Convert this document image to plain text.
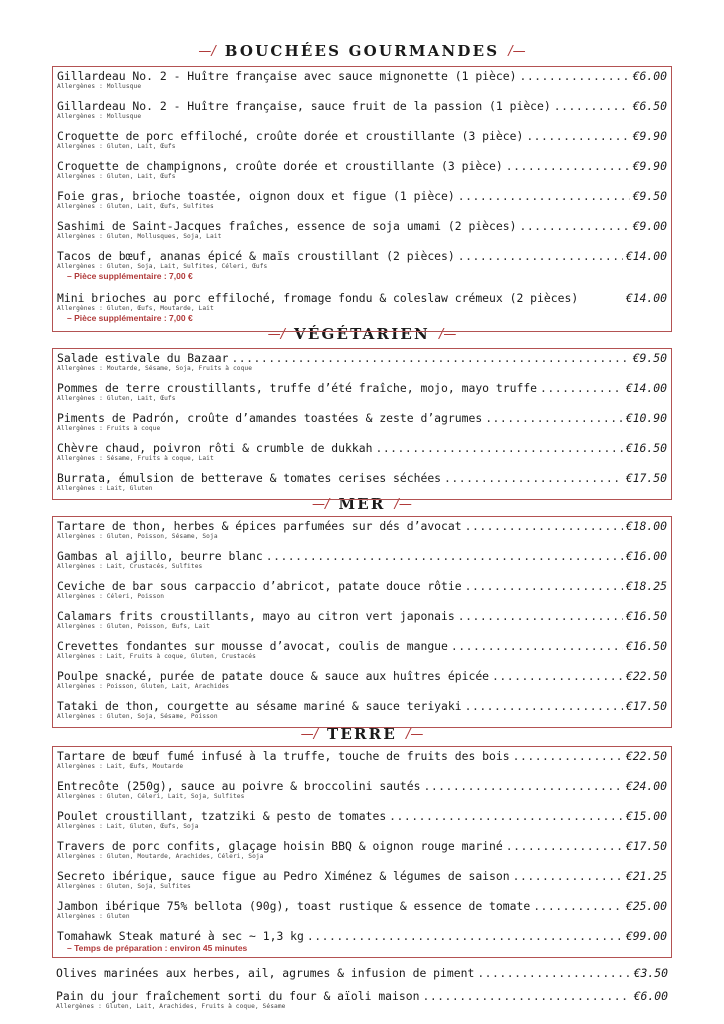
—/ BOUCHÉES GOURMANDES /—
—/ VÉGÉTARIEN /—
—/ MER /—
—/ TERRE /—
Gillardeau No. 2 - Huître française avec sauce mignonette (1 pièce) .....	€6.00
Allergènes : Mollusque
Gillardeau No. 2 - Huître française, sauce fruit de la passion (1 pièce) .....	€6.50
Allergènes : Mollusque
Croquette de porc effiloché, croûte dorée et croustillante (3 pièce) .....	€9.90
Allergènes : Gluten, Lait, Œufs
Croquette de champignons, croûte dorée et croustillante (3 pièce) .....	€9.90
Allergènes : Gluten, Lait, Œufs
Foie gras, brioche toastée, oignon doux et figue (1 pièce) .....	€9.50
Allergènes : Gluten, Lait, Œufs, Sulfites
Sashimi de Saint-Jacques fraîches, essence de soja umami (2 pièces) .....	€9.00
Allergènes : Gluten, Mollusques, Soja, Lait
Tacos de bœuf, ananas épicé & maïs croustillant (2 pièces) .....	€14.00
Allergènes : Gluten, Soja, Lait, Sulfites, Céleri, Œufs
– Pièce supplémentaire : 7,00 €
Mini brioches au porc effiloché, fromage fondu & coleslaw crémeux (2 pièces)	€14.00
Allergènes : Gluten, Œufs, Moutarde, Lait
– Pièce supplémentaire : 7,00 €
Salade estivale du Bazaar .....	€9.50
Allergènes : Moutarde, Sésame, Soja, Fruits à coque
Pommes de terre croustillants, truffe d’été fraîche, mojo, mayo truffe .....	€14.00
Allergènes : Gluten, Lait, Œufs
Piments de Padrón, croûte d’amandes toastées & zeste d’agrumes .....	€10.90
Allergènes : Fruits à coque
Chèvre chaud, poivron rôti & crumble de dukkah .....	€16.50
Allergènes : Sésame, Fruits à coque, Lait
Burrata, émulsion de betterave & tomates cerises séchées .....	€17.50
Allergènes : Lait, Gluten
Tartare de thon, herbes & épices parfumées sur dés d’avocat .....	€18.00
Allergènes : Gluten, Poisson, Sésame, Soja
Gambas al ajillo, beurre blanc .....	€16.00
Allergènes : Lait, Crustacés, Sulfites
Ceviche de bar sous carpaccio d’abricot, patate douce rôtie .....	€18.25
Allergènes : Céleri, Poisson
Calamars frits croustillants, mayo au citron vert japonais .....	€16.50
Allergènes : Gluten, Poisson, Œufs, Lait
Crevettes fondantes sur mousse d’avocat, coulis de mangue .....	€16.50
Allergènes : Lait, Fruits à coque, Gluten, Crustacés
Poulpe snacké, purée de patate douce & sauce aux huîtres épicée .....	€22.50
Allergènes : Poisson, Gluten, Lait, Arachides
Tataki de thon, courgette au sésame mariné & sauce teriyaki .....	€17.50
Allergènes : Gluten, Soja, Sésame, Poisson
Tartare de bœuf fumé infusé à la truffe, touche de fruits des bois .....	€22.50
Allergènes : Lait, Œufs, Moutarde
Entrecôte (250g), sauce au poivre & broccolini sautés .....	€24.00
Allergènes : Gluten, Céleri, Lait, Soja, Sulfites
Poulet croustillant, tzatziki & pesto de tomates .....	€15.00
Allergènes : Lait, Gluten, Œufs, Soja
Travers de porc confits, glaçage hoisin BBQ & oignon rouge mariné .....	€17.50
Allergènes : Gluten, Moutarde, Arachides, Céleri, Soja
Secreto ibérique, sauce figue au Pedro Ximénez & légumes de saison .....	€21.25
Allergènes : Gluten, Soja, Sulfites
Jambon ibérique 75% bellota (90g), toast rustique & essence de tomate .....	€25.00
Allergènes : Gluten
Tomahawk Steak maturé à sec ~ 1,3 kg .....	€99.00
– Temps de préparation : environ 45 minutes
Olives marinées aux herbes, ail, agrumes & infusion de piment .....	€3.50
Pain du jour fraîchement sorti du four & aïoli maison .....	€6.00
Allergènes : Gluten, Lait, Arachides, Fruits à coque, Sésame
